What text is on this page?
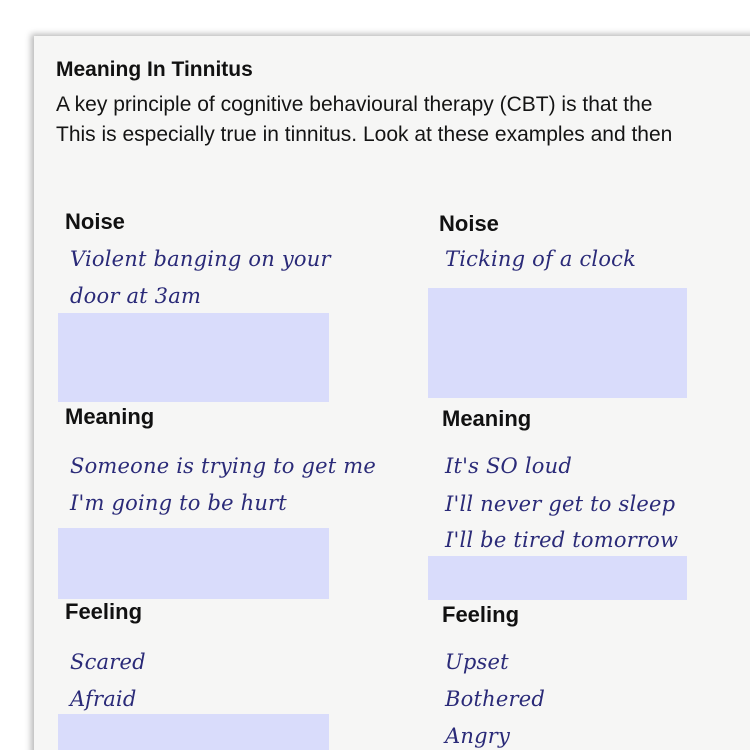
Meaning In Tinnitus

A key principle of cognitive behavioural therapy (CBT) is that the
This is especially true in tinnitus. Look at these examples and then

Noise
Violent banging on your
door at 3am
Meaning
Someone is trying to get me
I'm going to be hurt
Feeling
Scared
Afraid
Noise
Ticking of a clock
Meaning
It's SO loud
I'll never get to sleep
I'll be tired tomorrow
Feeling
Upset
Bothered
Angry
